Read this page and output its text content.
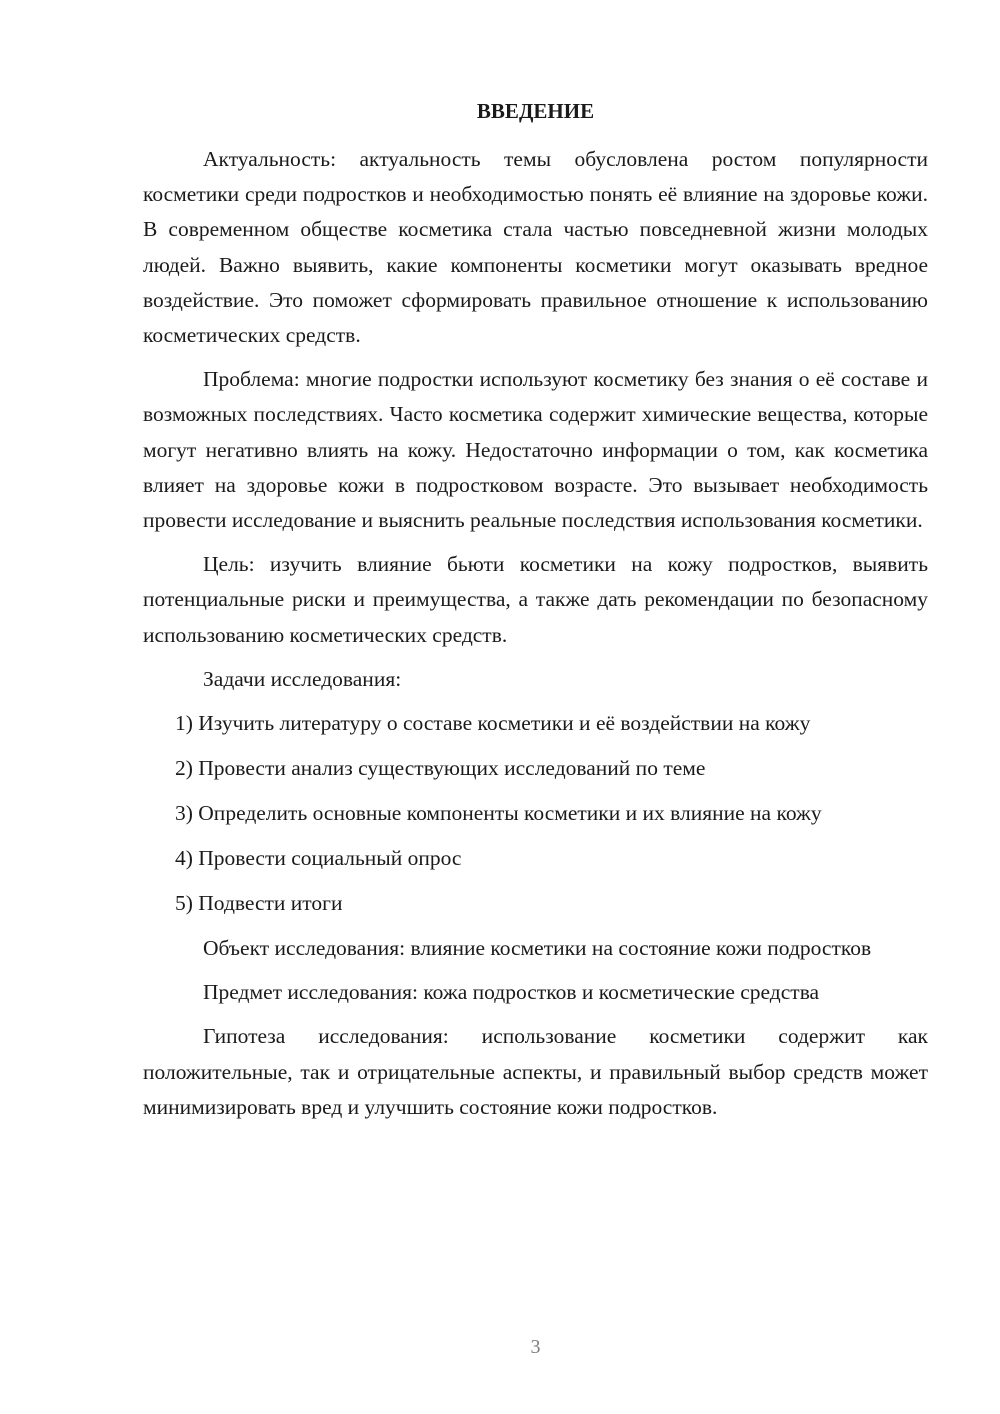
ВВЕДЕНИЕ

Актуальность: актуальность темы обусловлена ростом популярности косметики среди подростков и необходимостью понять её влияние на здоровье кожи. В современном обществе косметика стала частью повседневной жизни молодых людей. Важно выявить, какие компоненты косметики могут оказывать вредное воздействие. Это поможет сформировать правильное отношение к использованию косметических средств.

Проблема: многие подростки используют косметику без знания о её составе и возможных последствиях. Часто косметика содержит химические вещества, которые могут негативно влиять на кожу. Недостаточно информации о том, как косметика влияет на здоровье кожи в подростковом возрасте. Это вызывает необходимость провести исследование и выяснить реальные последствия использования косметики.

Цель: изучить влияние бьюти косметики на кожу подростков, выявить потенциальные риски и преимущества, а также дать рекомендации по безопасному использованию косметических средств.

Задачи исследования:

1) Изучить литературу о составе косметики и её воздействии на кожу
2) Провести анализ существующих исследований по теме
3) Определить основные компоненты косметики и их влияние на кожу
4) Провести социальный опрос
5) Подвести итоги

Объект исследования: влияние косметики на состояние кожи подростков

Предмет исследования: кожа подростков и косметические средства

Гипотеза исследования: использование косметики содержит как положительные, так и отрицательные аспекты, и правильный выбор средств может минимизировать вред и улучшить состояние кожи подростков.

3
